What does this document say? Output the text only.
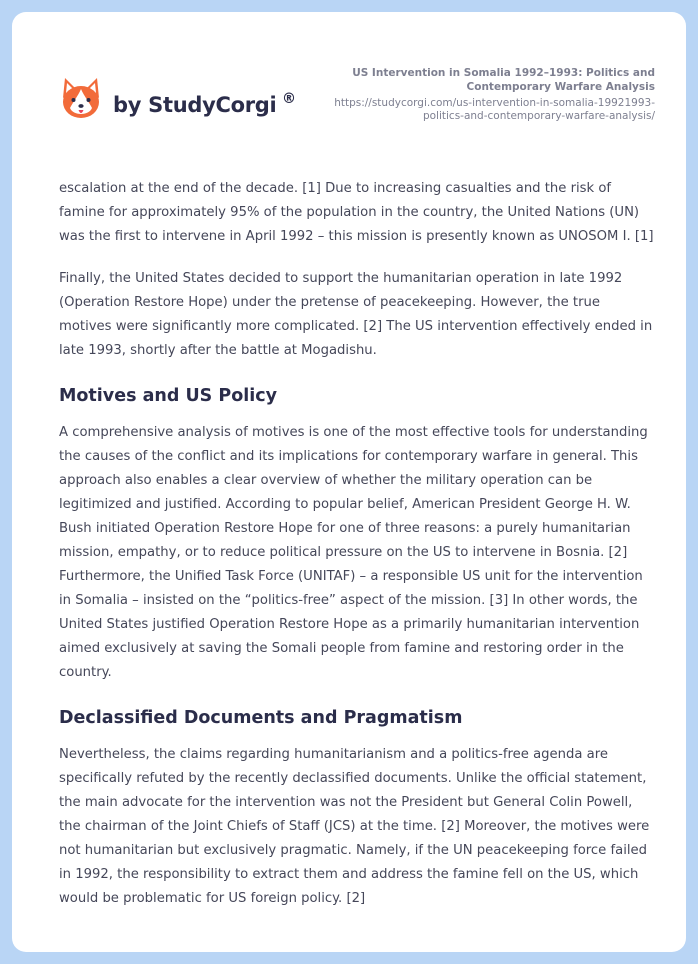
by StudyCorgi ®
US Intervention in Somalia 1992–1993: Politics and Contemporary Warfare Analysis
https://studycorgi.com/us-intervention-in-somalia-19921993-politics-and-contemporary-warfare-analysis/

escalation at the end of the decade. [1] Due to increasing casualties and the risk of famine for approximately 95% of the population in the country, the United Nations (UN) was the first to intervene in April 1992 – this mission is presently known as UNOSOM I. [1]

Finally, the United States decided to support the humanitarian operation in late 1992 (Operation Restore Hope) under the pretense of peacekeeping. However, the true motives were significantly more complicated. [2] The US intervention effectively ended in late 1993, shortly after the battle at Mogadishu.

Motives and US Policy

A comprehensive analysis of motives is one of the most effective tools for understanding the causes of the conflict and its implications for contemporary warfare in general. This approach also enables a clear overview of whether the military operation can be legitimized and justified. According to popular belief, American President George H. W. Bush initiated Operation Restore Hope for one of three reasons: a purely humanitarian mission, empathy, or to reduce political pressure on the US to intervene in Bosnia. [2] Furthermore, the Unified Task Force (UNITAF) – a responsible US unit for the intervention in Somalia – insisted on the “politics-free” aspect of the mission. [3] In other words, the United States justified Operation Restore Hope as a primarily humanitarian intervention aimed exclusively at saving the Somali people from famine and restoring order in the country.

Declassified Documents and Pragmatism

Nevertheless, the claims regarding humanitarianism and a politics-free agenda are specifically refuted by the recently declassified documents. Unlike the official statement, the main advocate for the intervention was not the President but General Colin Powell, the chairman of the Joint Chiefs of Staff (JCS) at the time. [2] Moreover, the motives were not humanitarian but exclusively pragmatic. Namely, if the UN peacekeeping force failed in 1992, the responsibility to extract them and address the famine fell on the US, which would be problematic for US foreign policy. [2]
